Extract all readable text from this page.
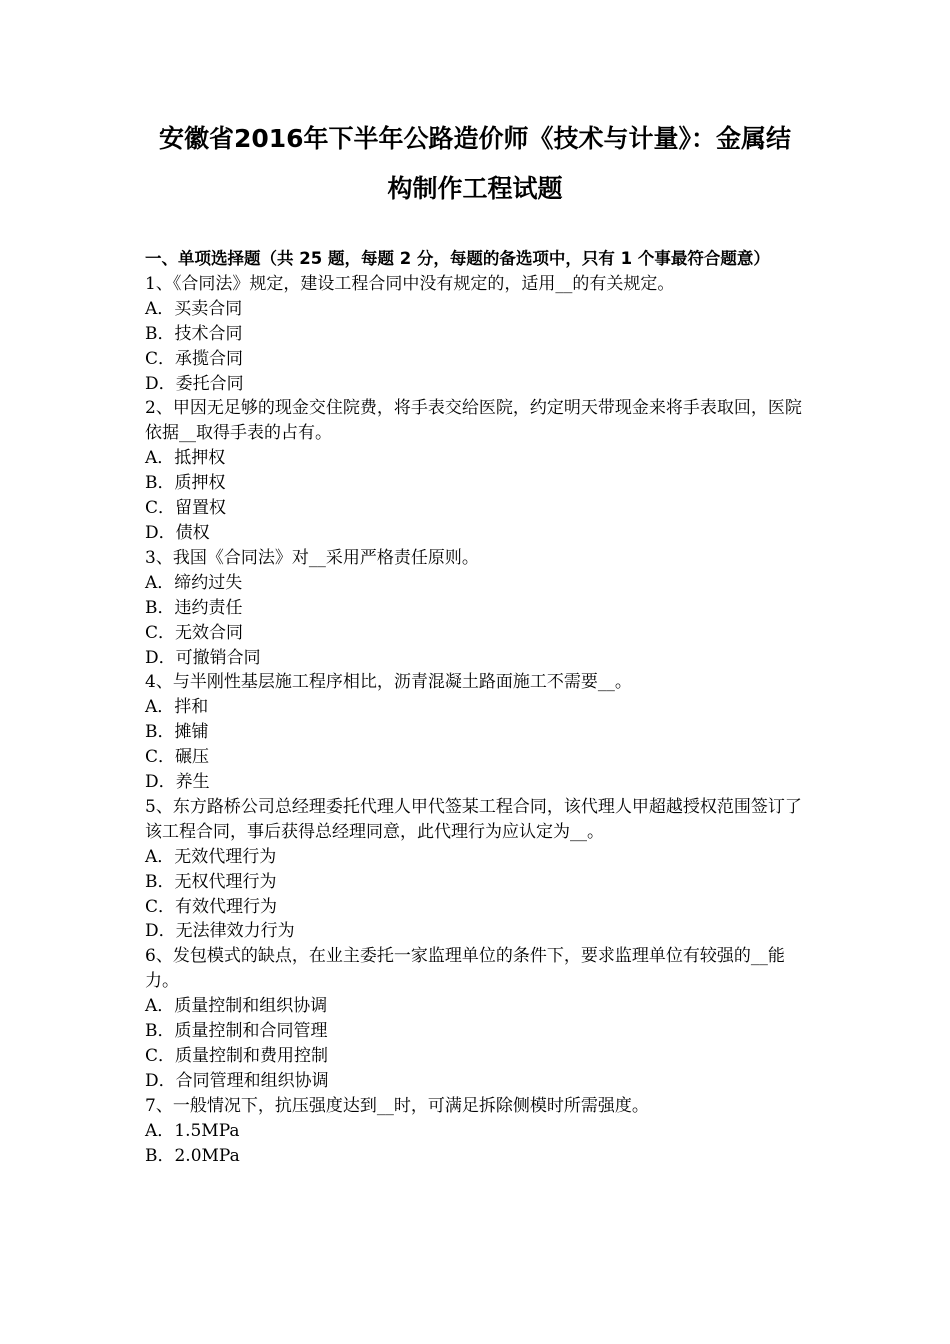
安徽省2016年下半年公路造价师《技术与计量》：金属结
构制作工程试题
一、单项选择题（共 25 题，每题 2 分，每题的备选项中，只有 1 个事最符合题意）
1、《合同法》规定，建设工程合同中没有规定的，适用__的有关规定。
A．买卖合同
B．技术合同
C．承揽合同
D．委托合同
2、甲因无足够的现金交住院费，将手表交给医院，约定明天带现金来将手表取回，医院依据__取得手表的占有。
A．抵押权
B．质押权
C．留置权
D．债权
3、我国《合同法》对__采用严格责任原则。
A．缔约过失
B．违约责任
C．无效合同
D．可撤销合同
4、与半刚性基层施工程序相比，沥青混凝土路面施工不需要__。
A．拌和
B．摊铺
C．碾压
D．养生
5、东方路桥公司总经理委托代理人甲代签某工程合同，该代理人甲超越授权范围签订了该工程合同，事后获得总经理同意，此代理行为应认定为__。
A．无效代理行为
B．无权代理行为
C．有效代理行为
D．无法律效力行为
6、发包模式的缺点，在业主委托一家监理单位的条件下，要求监理单位有较强的__能力。
A．质量控制和组织协调
B．质量控制和合同管理
C．质量控制和费用控制
D．合同管理和组织协调
7、一般情况下，抗压强度达到__时，可满足拆除侧模时所需强度。
A．1.5MPa
B．2.0MPa
